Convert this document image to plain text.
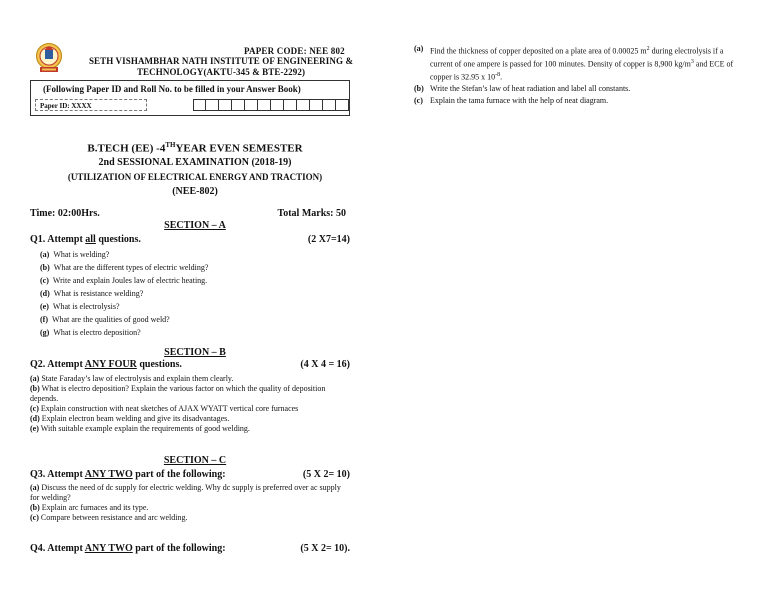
PAPER CODE: NEE 802
SETH VISHAMBHAR NATH INSTITUTE OF ENGINEERING &
TECHNOLOGY(AKTU-345 & BTE-2292)
(Following Paper ID and Roll No. to be filled in your Answer Book)
Paper ID: XXXX
B.TECH (EE) -4THYEAR EVEN SEMESTER
2nd SESSIONAL EXAMINATION (2018-19)
(UTILIZATION OF ELECTRICAL ENERGY AND TRACTION)
(NEE-802)
Time: 02:00Hrs.	Total Marks: 50
SECTION – A
Q1. Attempt all questions.	(2 X7=14)
(a) What is welding?
(b) What are the different types of electric welding?
(c) Write and explain Joules law of electric heating.
(d) What is resistance welding?
(e) What is electrolysis?
(f) What are the qualities of good weld?
(g) What is electro deposition?
SECTION – B
Q2. Attempt ANY FOUR questions.	(4 X 4 = 16)
(a) State Faraday’s law of electrolysis and explain them clearly.
(b) What is electro deposition? Explain the various factor on which the quality of deposition depends.
(c) Explain construction with neat sketches of AJAX WYATT vertical core furnaces
(d) Explain electron beam welding and give its disadvantages.
(e) With suitable example explain the requirements of good welding.
SECTION – C
Q3. Attempt ANY TWO part of the following:	(5 X 2= 10)
(a) Discuss the need of dc supply for electric welding. Why dc supply is preferred over ac supply for welding?
(b) Explain arc furnaces and its type.
(c) Compare between resistance and arc welding.
Q4. Attempt ANY TWO part of the following:	(5 X 2= 10).
(a) Find the thickness of copper deposited on a plate area of 0.00025 $m^2$ during electrolysis if a current of one ampere is passed for 100 minutes. Density of copper is 8,900 $kg/m^3$ and ECE of copper is 32.95 x $10^{-8}$.
(b) Write the Stefan’s law of heat radiation and label all constants.
(c) Explain the tama furnace with the help of neat diagram.
